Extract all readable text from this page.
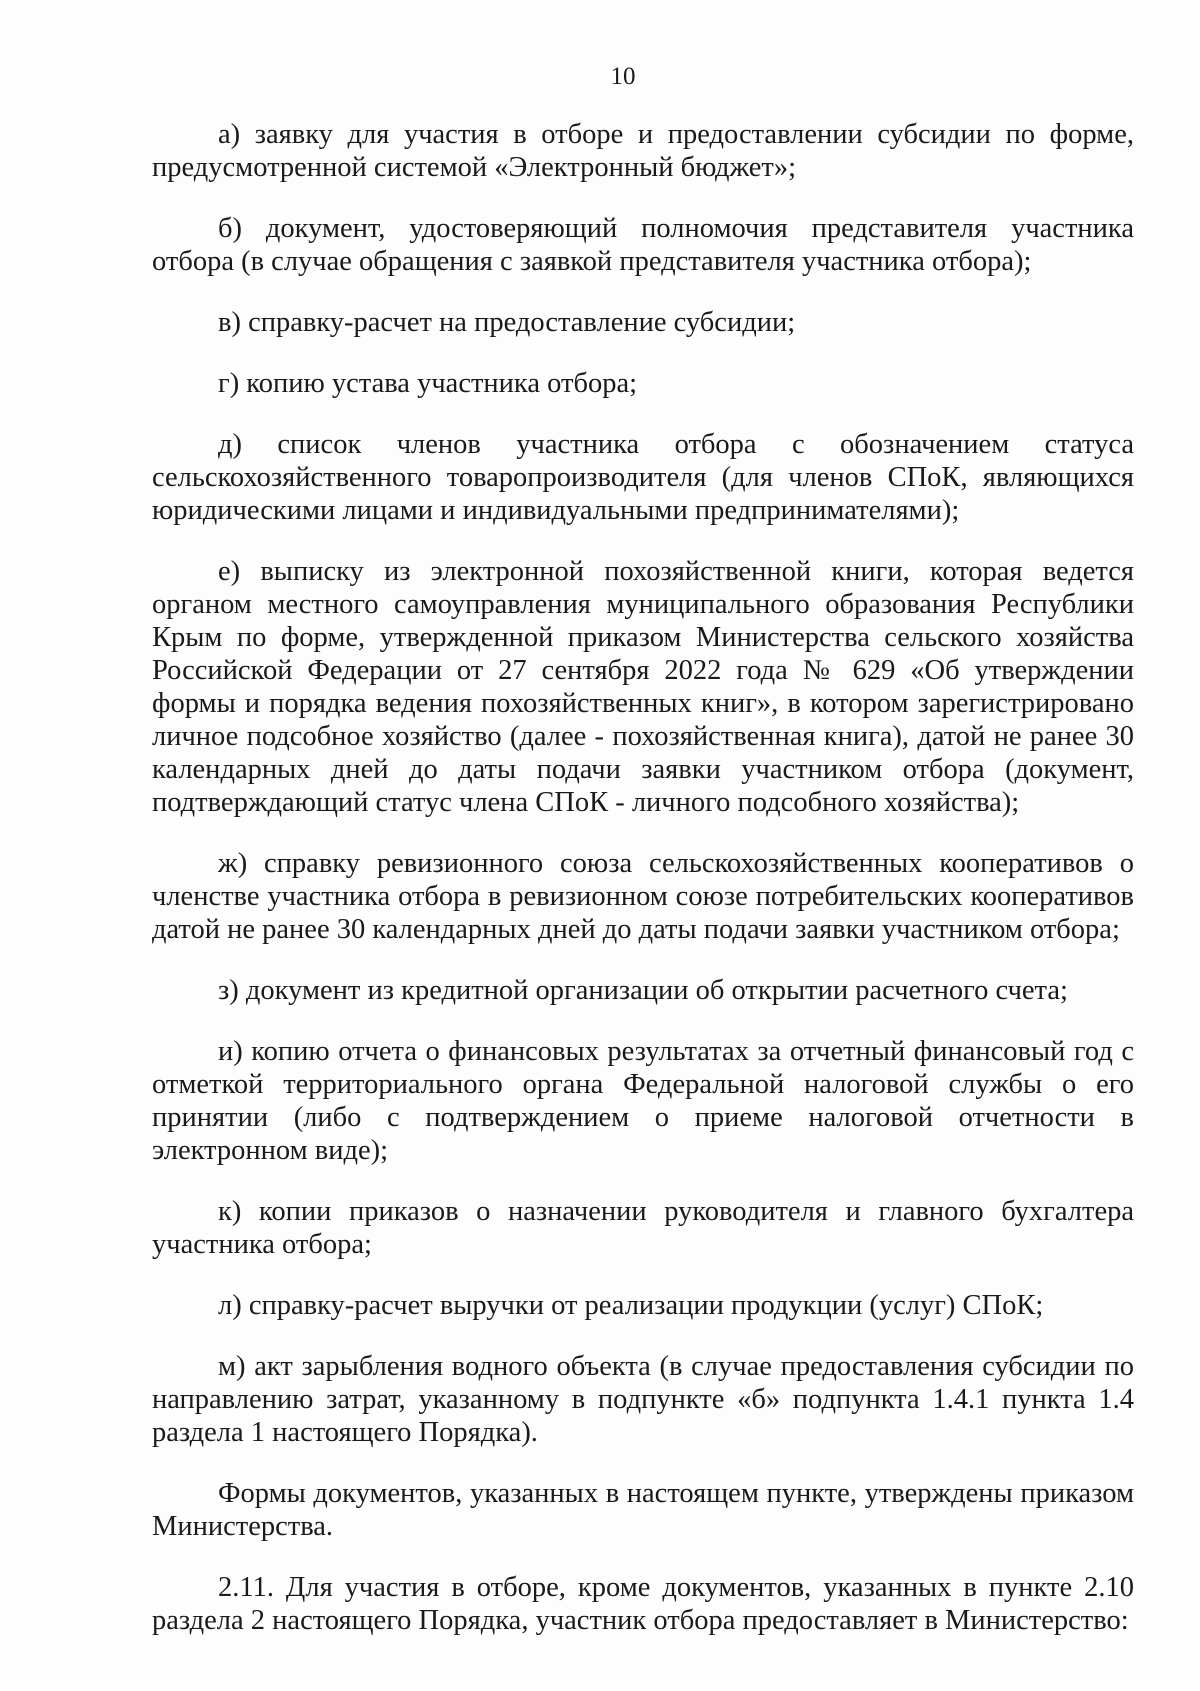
10

а) заявку для участия в отборе и предоставлении субсидии по форме, предусмотренной системой «Электронный бюджет»;

б) документ, удостоверяющий полномочия представителя участника отбора (в случае обращения с заявкой представителя участника отбора);

в) справку-расчет на предоставление субсидии;

г) копию устава участника отбора;

д) список членов участника отбора с обозначением статуса сельскохозяйственного товаропроизводителя (для членов СПоК, являющихся юридическими лицами и индивидуальными предпринимателями);

е) выписку из электронной похозяйственной книги, которая ведется органом местного самоуправления муниципального образования Республики Крым по форме, утвержденной приказом Министерства сельского хозяйства Российской Федерации от 27 сентября 2022 года № 629 «Об утверждении формы и порядка ведения похозяйственных книг», в котором зарегистрировано личное подсобное хозяйство (далее - похозяйственная книга), датой не ранее 30 календарных дней до даты подачи заявки участником отбора (документ, подтверждающий статус члена СПоК - личного подсобного хозяйства);

ж) справку ревизионного союза сельскохозяйственных кооперативов о членстве участника отбора в ревизионном союзе потребительских кооперативов датой не ранее 30 календарных дней до даты подачи заявки участником отбора;

з) документ из кредитной организации об открытии расчетного счета;

и) копию отчета о финансовых результатах за отчетный финансовый год с отметкой территориального органа Федеральной налоговой службы о его принятии (либо с подтверждением о приеме налоговой отчетности в электронном виде);

к) копии приказов о назначении руководителя и главного бухгалтера участника отбора;

л) справку-расчет выручки от реализации продукции (услуг) СПоК;

м) акт зарыбления водного объекта (в случае предоставления субсидии по направлению затрат, указанному в подпункте «б» подпункта 1.4.1 пункта 1.4 раздела 1 настоящего Порядка).

Формы документов, указанных в настоящем пункте, утверждены приказом Министерства.

2.11. Для участия в отборе, кроме документов, указанных в пункте 2.10 раздела 2 настоящего Порядка, участник отбора предоставляет в Министерство:
